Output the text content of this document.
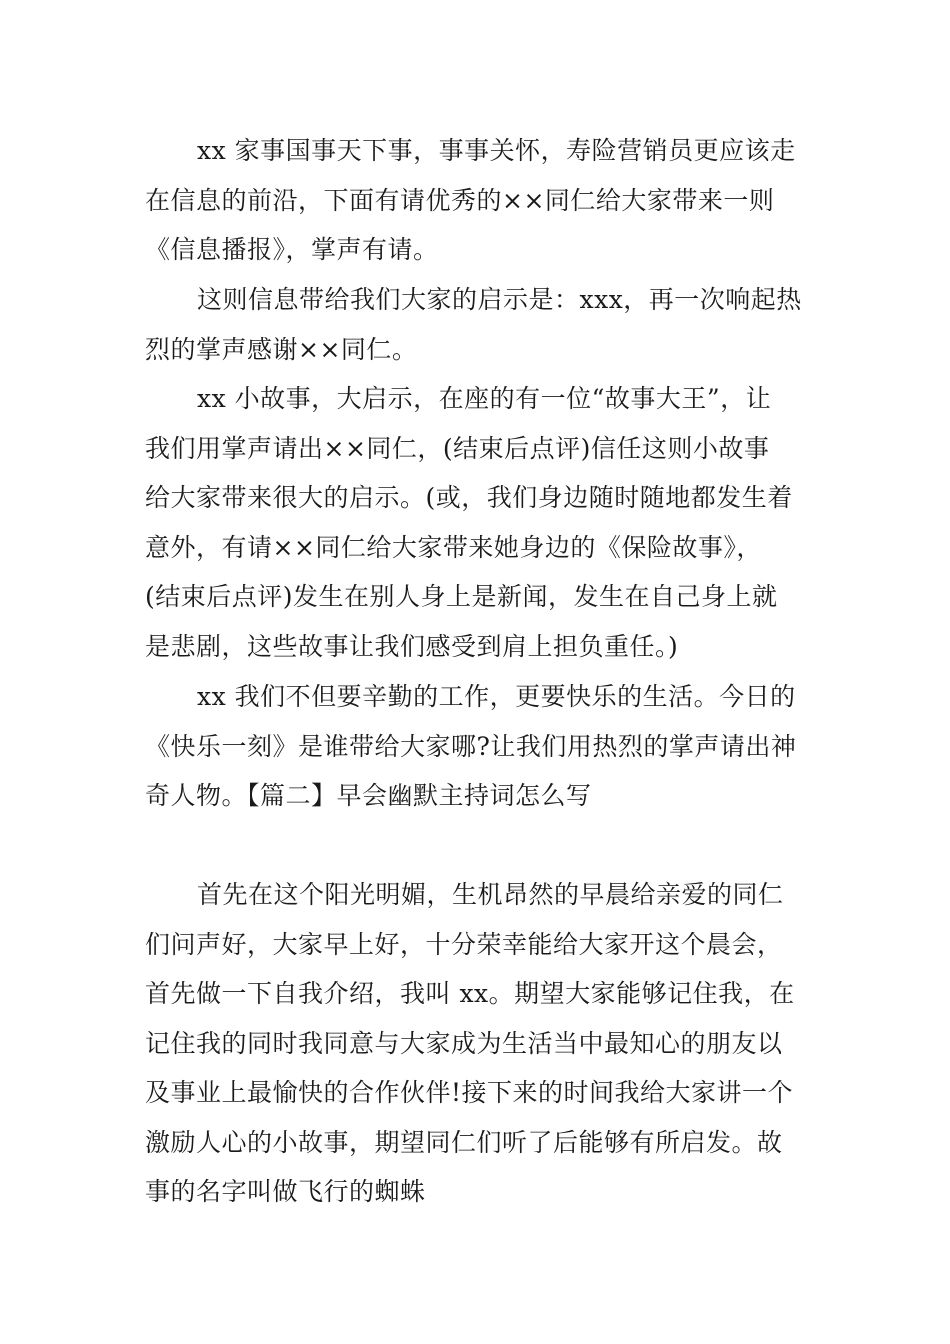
xx 家事国事天下事，事事关怀，寿险营销员更应该走
在信息的前沿，下面有请优秀的××同仁给大家带来一则
《信息播报》，掌声有请。
这则信息带给我们大家的启示是：xxx，再一次响起热
烈的掌声感谢××同仁。
xx 小故事，大启示，在座的有一位“故事大王”，让
我们用掌声请出××同仁，(结束后点评)信任这则小故事
给大家带来很大的启示。(或，我们身边随时随地都发生着
意外，有请××同仁给大家带来她身边的《保险故事》，
(结束后点评)发生在别人身上是新闻，发生在自己身上就
是悲剧，这些故事让我们感受到肩上担负重任。)
xx 我们不但要辛勤的工作，更要快乐的生活。今日的
《快乐一刻》是谁带给大家哪?让我们用热烈的掌声请出神
奇人物。【篇二】早会幽默主持词怎么写
首先在这个阳光明媚，生机昂然的早晨给亲爱的同仁
们问声好，大家早上好，十分荣幸能给大家开这个晨会，
首先做一下自我介绍，我叫 xx。期望大家能够记住我，在
记住我的同时我同意与大家成为生活当中最知心的朋友以
及事业上最愉快的合作伙伴!接下来的时间我给大家讲一个
激励人心的小故事，期望同仁们听了后能够有所启发。故
事的名字叫做飞行的蜘蛛
